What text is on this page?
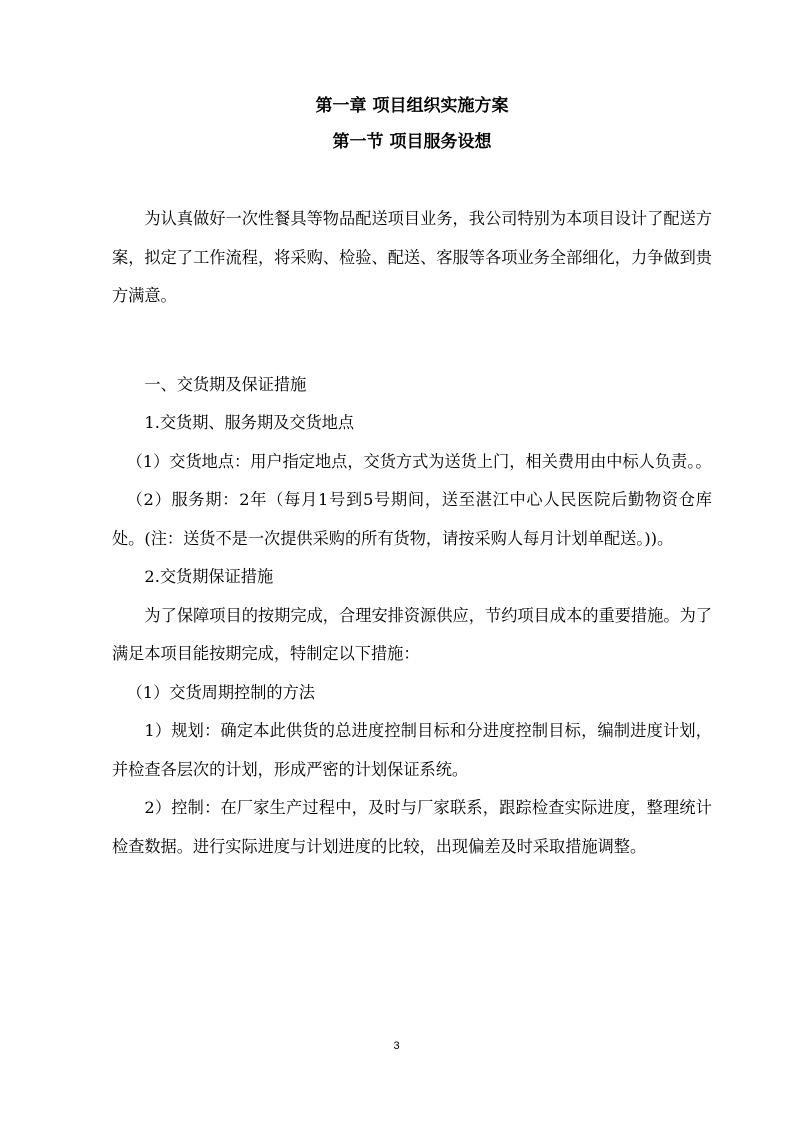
第一章 项目组织实施方案
第一节 项目服务设想

为认真做好一次性餐具等物品配送项目业务，我公司特别为本项目设计了配送方案，拟定了工作流程，将采购、检验、配送、客服等各项业务全部细化，力争做到贵方满意。

一、交货期及保证措施

1.交货期、服务期及交货地点

（1）交货地点：用户指定地点，交货方式为送货上门，相关费用由中标人负责。。

（2）服务期：2年（每月1号到5号期间，送至湛江中心人民医院后勤物资仓库处。(注：送货不是一次提供采购的所有货物，请按采购人每月计划单配送。))。

2.交货期保证措施

为了保障项目的按期完成，合理安排资源供应，节约项目成本的重要措施。为了满足本项目能按期完成，特制定以下措施：

（1）交货周期控制的方法

1）规划：确定本此供货的总进度控制目标和分进度控制目标，编制进度计划，并检查各层次的计划，形成严密的计划保证系统。

2）控制：在厂家生产过程中，及时与厂家联系，跟踪检查实际进度，整理统计检查数据。进行实际进度与计划进度的比较，出现偏差及时采取措施调整。

3
